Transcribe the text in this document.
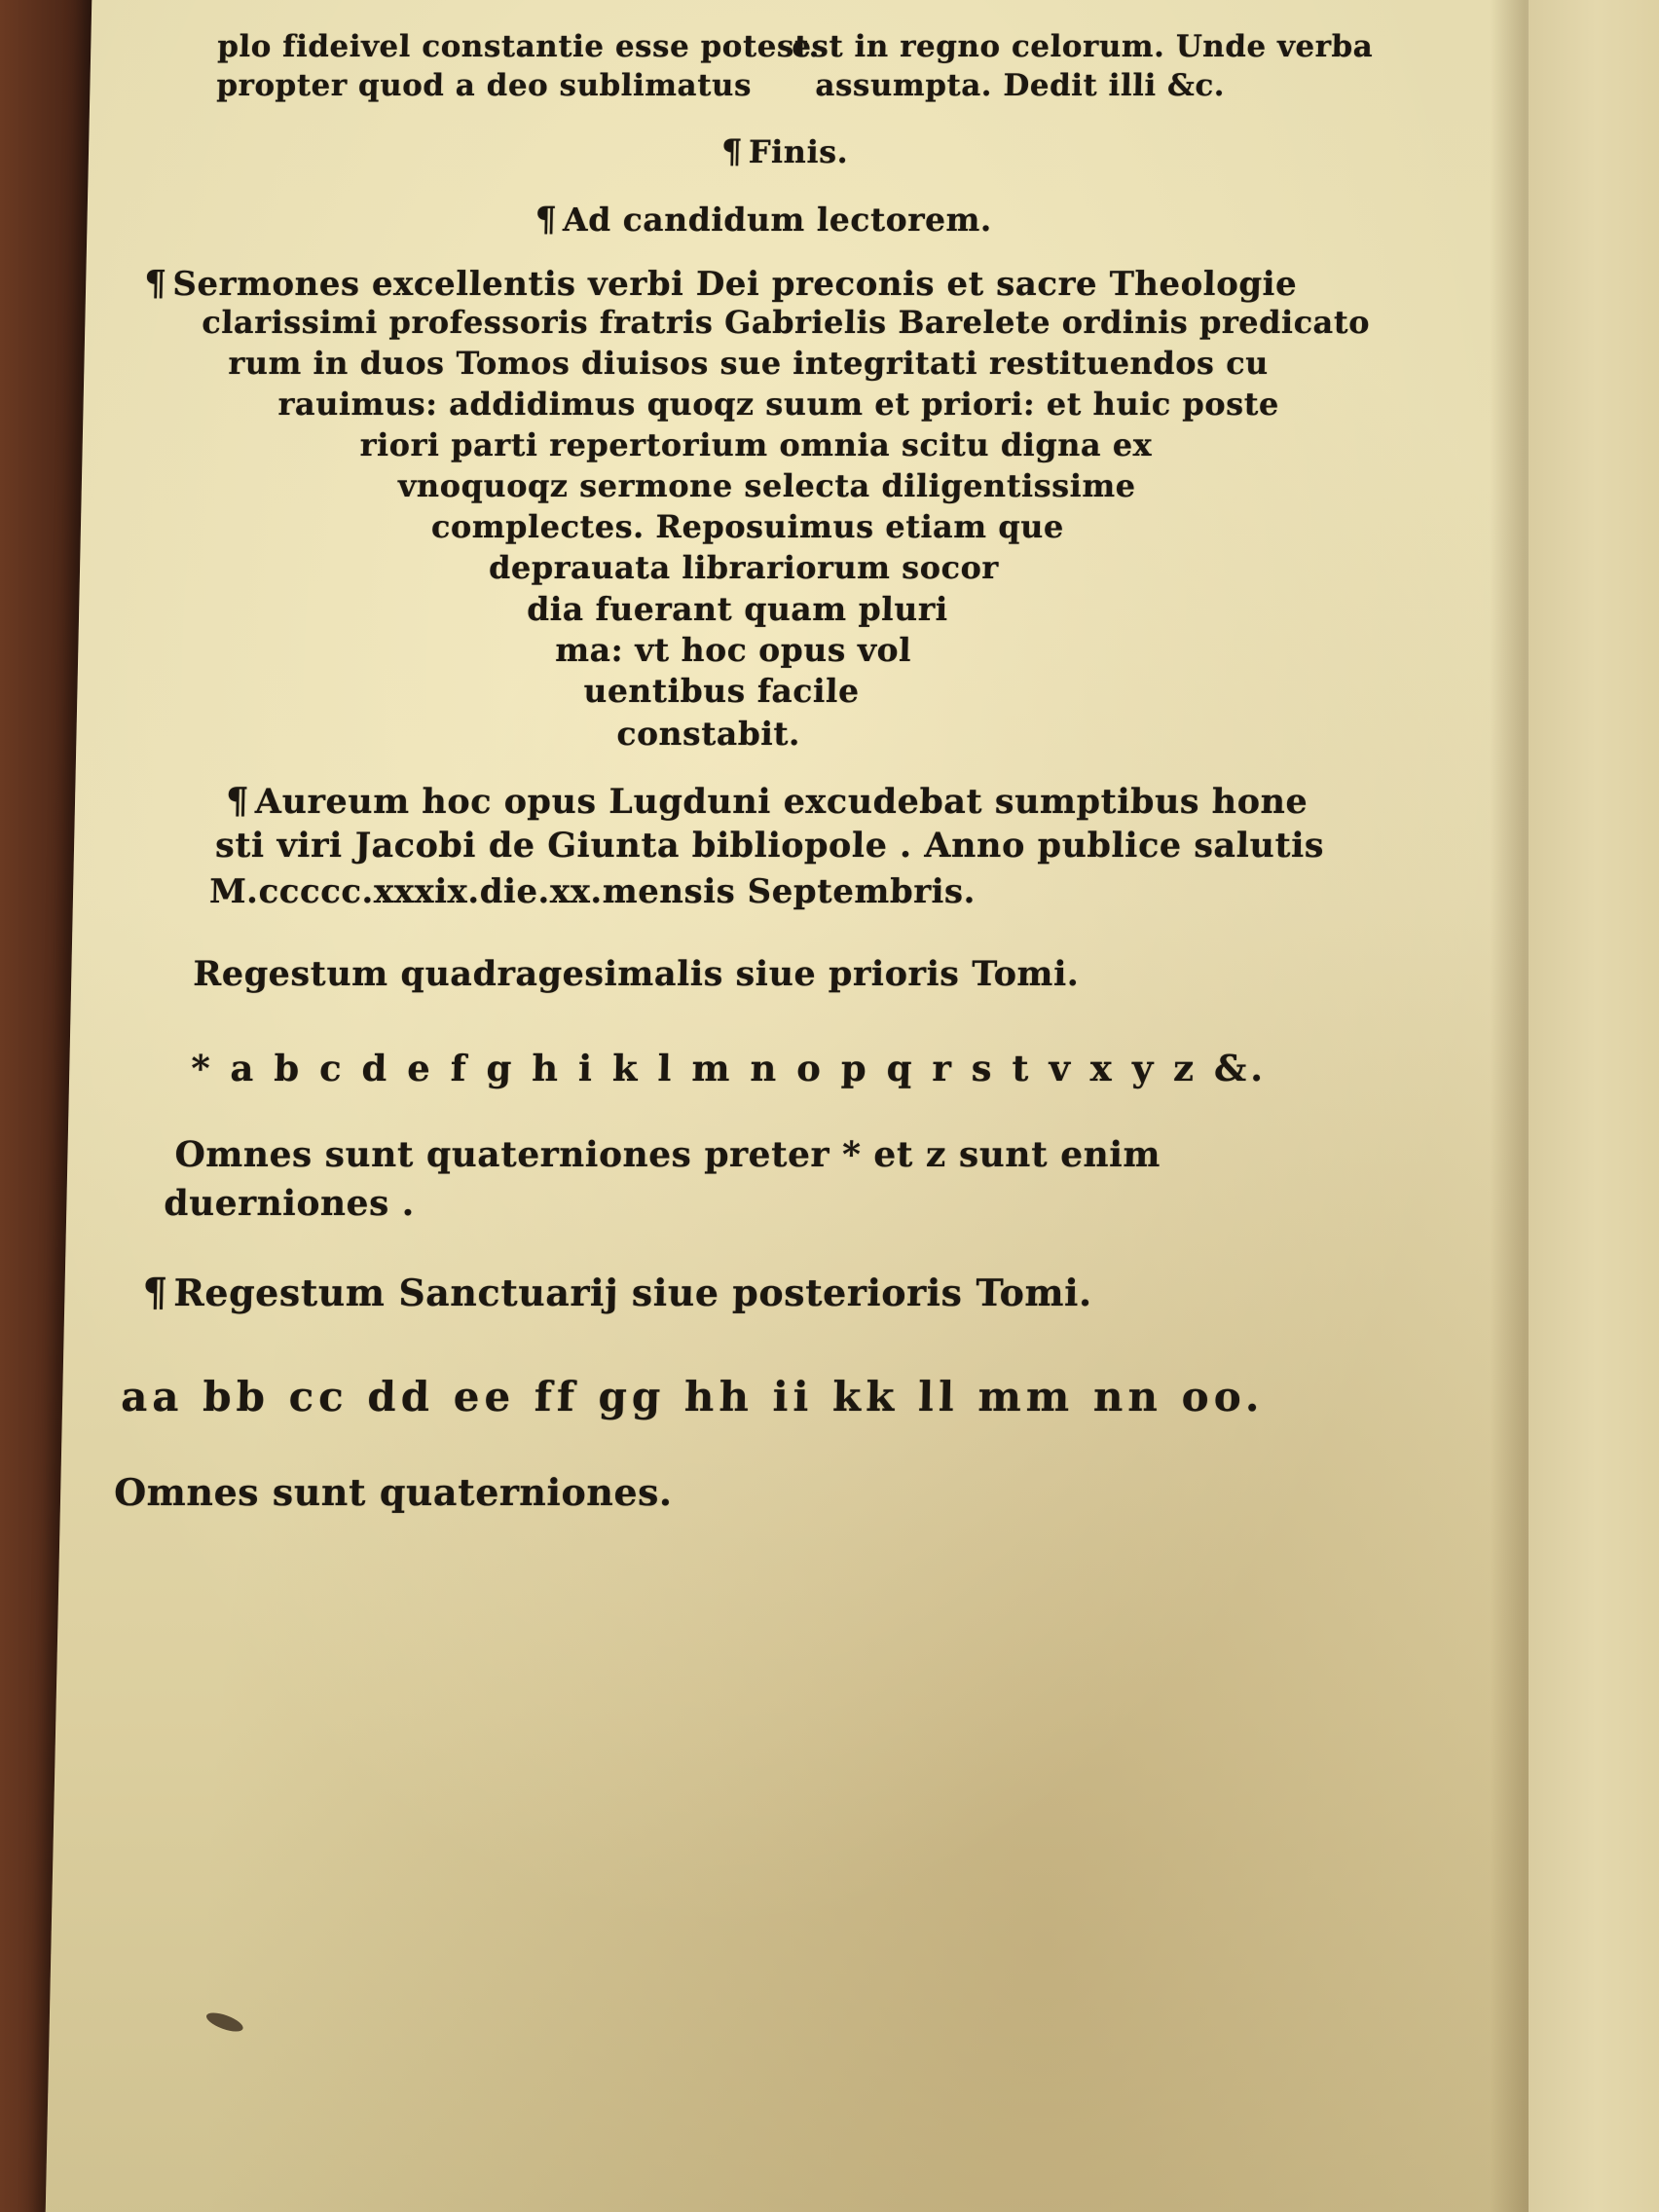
plo fideivel constantie esse potest.
propter quod a deo sublimatus
est in regno celorum. Unde verba
assumpta. Dedit illi &c.
¶ Finis.
¶ Ad candidum lectorem.
¶ Sermones excellentis verbi Dei preconis et sacre Theologie
clarissimi professoris fratris Gabrielis Barelete ordinis predicato
rum in duos Tomos diuisos sue integritati restituendos cu
rauimus: addidimus quoqz suum et priori: et huic poste
riori parti repertorium omnia scitu digna ex
vnoquoqz sermone selecta diligentissime
complectes. Reposuimus etiam que
deprauata librariorum socor
dia fuerant quam pluri
ma: vt hoc opus vol
uentibus facile
constabit.
¶ Aureum hoc opus Lugduni excudebat sumptibus hone
sti viri Jacobi de Giunta bibliopole . Anno publice salutis
M.ccccc.xxxix.die.xx.mensis Septembris.
Regestum quadragesimalis siue prioris Tomi.
* a b c d e f g h i k l m n o p q r s t v x y z &.
Omnes sunt quaterniones preter * et z sunt enim
duerniones .
¶ Regestum Sanctuarij siue posterioris Tomi.
aa bb cc dd ee ff gg hh ii kk ll mm nn oo.
Omnes sunt quaterniones.
